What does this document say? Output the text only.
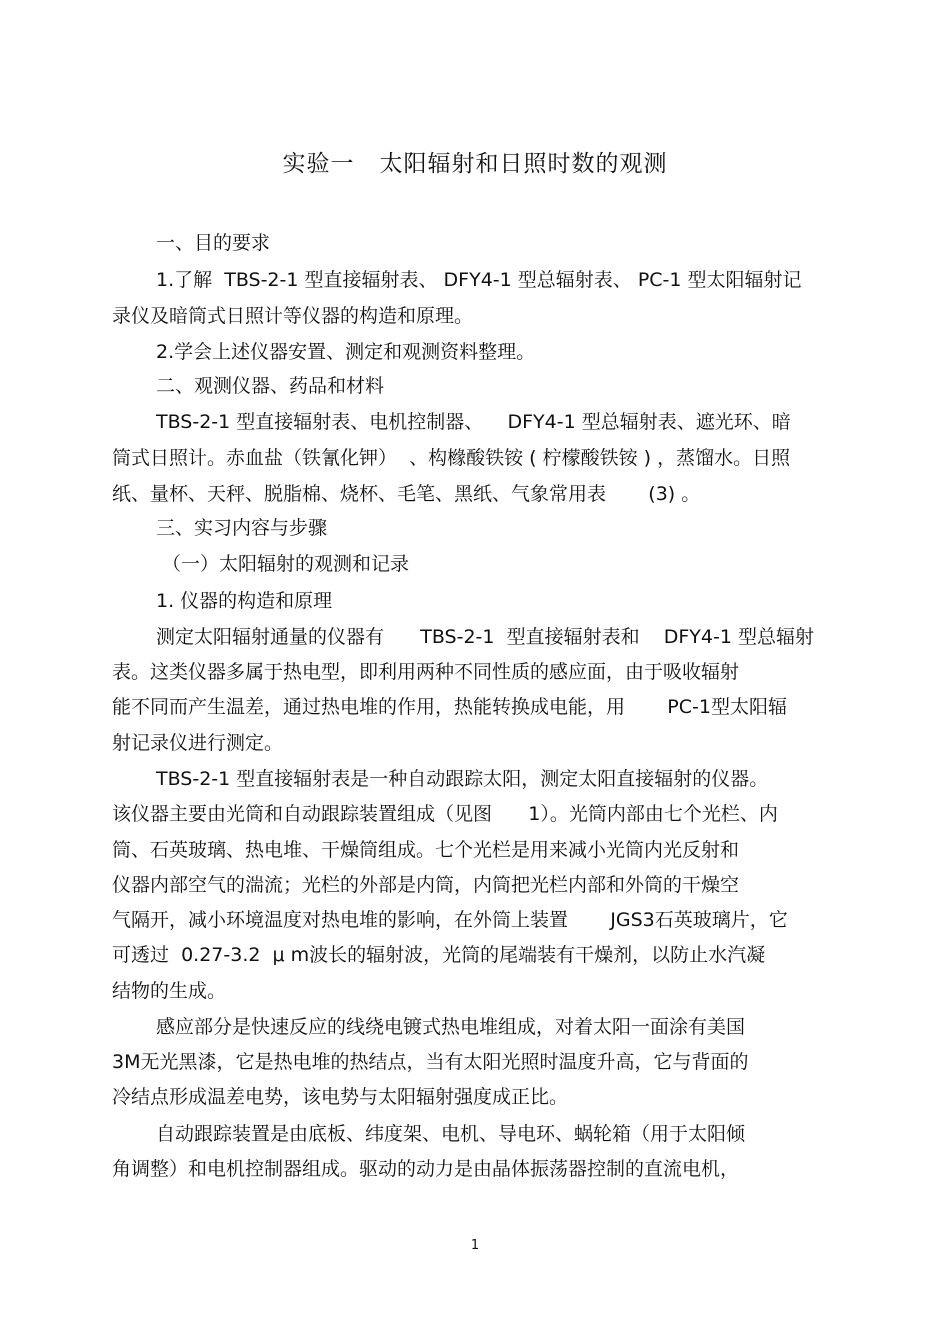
实验一   太阳辐射和日照时数的观测
一、目的要求
1.了解  TBS-2-1 型直接辐射表、 DFY4-1 型总辐射表、 PC-1 型太阳辐射记
录仪及暗筒式日照计等仪器的构造和原理。
2.学会上述仪器安置、测定和观测资料整理。
二、观测仪器、药品和材料
TBS-2-1 型直接辐射表、电机控制器、    DFY4-1 型总辐射表、遮光环、暗
筒式日照计。赤血盐（铁氰化钾）  、构橼酸铁铵 ( 柠檬酸铁铵 ) ，蒸馏水。日照
纸、量杯、天秤、脱脂棉、烧杯、毛笔、黑纸、气象常用表       (3) 。
三、实习内容与步骤
（一）太阳辐射的观测和记录
1. 仪器的构造和原理
测定太阳辐射通量的仪器有      TBS-2-1  型直接辐射表和    DFY4-1 型总辐射
表。这类仪器多属于热电型，即利用两种不同性质的感应面，由于吸收辐射
能不同而产生温差，通过热电堆的作用，热能转换成电能，用       PC-1型太阳辐
射记录仪进行测定。
TBS-2-1 型直接辐射表是一种自动跟踪太阳，测定太阳直接辐射的仪器。
该仪器主要由光筒和自动跟踪装置组成（见图      1）。光筒内部由七个光栏、内
筒、石英玻璃、热电堆、干燥筒组成。七个光栏是用来减小光筒内光反射和
仪器内部空气的湍流；光栏的外部是内筒，内筒把光栏内部和外筒的干燥空
气隔开，减小环境温度对热电堆的影响，在外筒上装置       JGS3石英玻璃片，它
可透过  0.27-3.2  μ m波长的辐射波，光筒的尾端装有干燥剂，以防止水汽凝
结物的生成。
感应部分是快速反应的线绕电镀式热电堆组成，对着太阳一面涂有美国
3M无光黑漆，它是热电堆的热结点，当有太阳光照时温度升高，它与背面的
冷结点形成温差电势，该电势与太阳辐射强度成正比。
自动跟踪装置是由底板、纬度架、电机、导电环、蜗轮箱（用于太阳倾
角调整）和电机控制器组成。驱动的动力是由晶体振荡器控制的直流电机，
1
